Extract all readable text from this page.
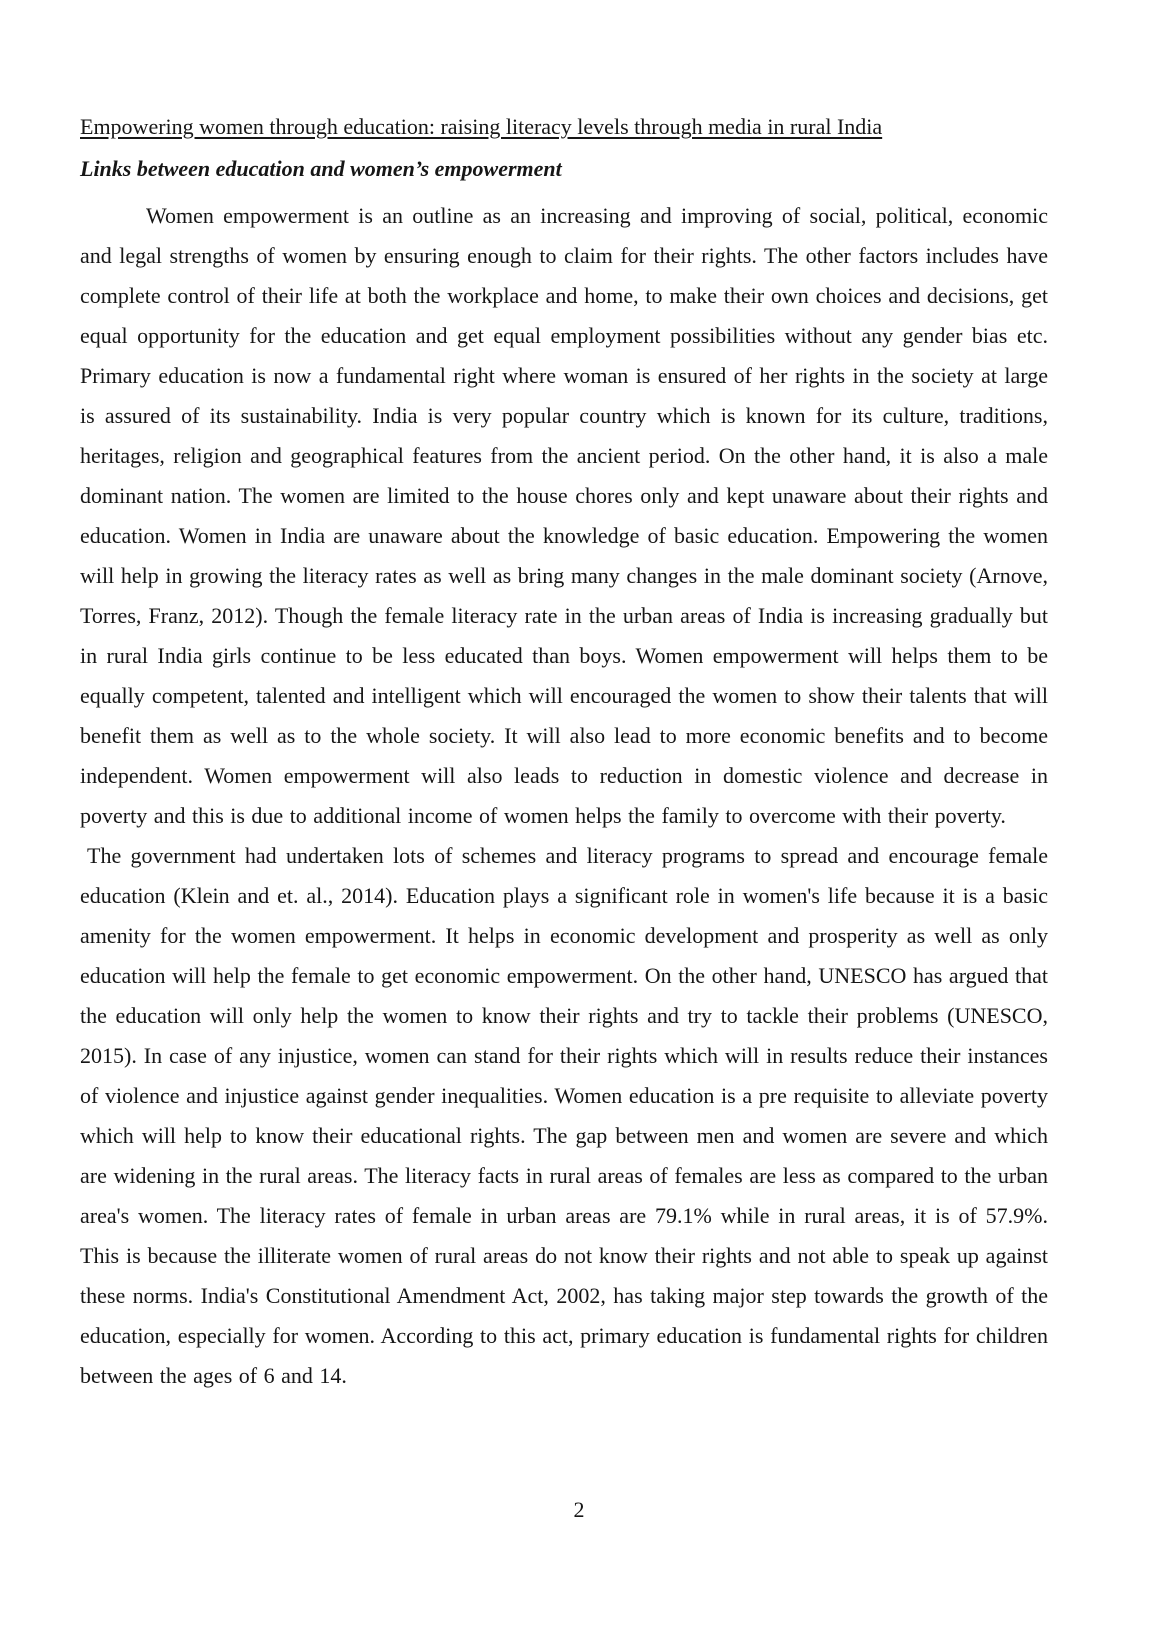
Empowering women through education: raising literacy levels through media in rural India
Links between education and women’s empowerment

Women empowerment is an outline as an increasing and improving of social, political, economic and legal strengths of women by ensuring enough to claim for their rights. The other factors includes have complete control of their life at both the workplace and home, to make their own choices and decisions, get equal opportunity for the education and get equal employment possibilities without any gender bias etc. Primary education is now a fundamental right where woman is ensured of her rights in the society at large is assured of its sustainability. India is very popular country which is known for its culture, traditions, heritages, religion and geographical features from the ancient period. On the other hand, it is also a male dominant nation. The women are limited to the house chores only and kept unaware about their rights and education. Women in India are unaware about the knowledge of basic education. Empowering the women will help in growing the literacy rates as well as bring many changes in the male dominant society (Arnove, Torres, Franz, 2012). Though the female literacy rate in the urban areas of India is increasing gradually but in rural India girls continue to be less educated than boys. Women empowerment will helps them to be equally competent, talented and intelligent which will encouraged the women to show their talents that will benefit them as well as to the whole society. It will also lead to more economic benefits and to become independent. Women empowerment will also leads to reduction in domestic violence and decrease in poverty and this is due to additional income of women helps the family to overcome with their poverty.

The government had undertaken lots of schemes and literacy programs to spread and encourage female education (Klein and et. al., 2014). Education plays a significant role in women's life because it is a basic amenity for the women empowerment. It helps in economic development and prosperity as well as only education will help the female to get economic empowerment. On the other hand, UNESCO has argued that the education will only help the women to know their rights and try to tackle their problems (UNESCO, 2015). In case of any injustice, women can stand for their rights which will in results reduce their instances of violence and injustice against gender inequalities. Women education is a pre requisite to alleviate poverty which will help to know their educational rights. The gap between men and women are severe and which are widening in the rural areas. The literacy facts in rural areas of females are less as compared to the urban area's women. The literacy rates of female in urban areas are 79.1% while in rural areas, it is of 57.9%. This is because the illiterate women of rural areas do not know their rights and not able to speak up against these norms. India's Constitutional Amendment Act, 2002, has taking major step towards the growth of the education, especially for women. According to this act, primary education is fundamental rights for children between the ages of 6 and 14.

2
